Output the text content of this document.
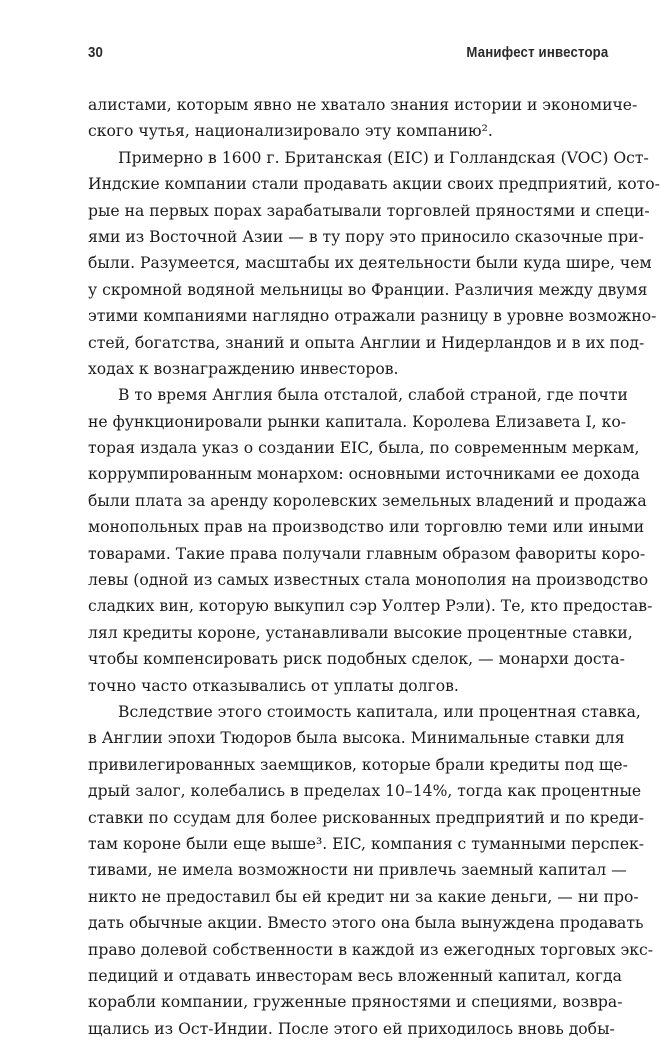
30	Манифест инвестора
алистами, которым явно не хватало знания истории и экономиче-
ского чутья, национализировало эту компанию².
Примерно в 1600 г. Британская (EIC) и Голландская (VOC) Ост-
Индские компании стали продавать акции своих предприятий, кото-
рые на первых порах зарабатывали торговлей пряностями и специ-
ями из Восточной Азии — в ту пору это приносило сказочные при-
были. Разумеется, масштабы их деятельности были куда шире, чем
у скромной водяной мельницы во Франции. Различия между двумя
этими компаниями наглядно отражали разницу в уровне возможно-
стей, богатства, знаний и опыта Англии и Нидерландов и в их под-
ходах к вознаграждению инвесторов.
В то время Англия была отсталой, слабой страной, где почти
не функционировали рынки капитала. Королева Елизавета I, ко-
торая издала указ о создании EIC, была, по современным меркам,
коррумпированным монархом: основными источниками ее дохода
были плата за аренду королевских земельных владений и продажа
монопольных прав на производство или торговлю теми или иными
товарами. Такие права получали главным образом фавориты коро-
левы (одной из самых известных стала монополия на производство
сладких вин, которую выкупил сэр Уолтер Рэли). Те, кто предостав-
лял кредиты короне, устанавливали высокие процентные ставки,
чтобы компенсировать риск подобных сделок, — монархи доста-
точно часто отказывались от уплаты долгов.
Вследствие этого стоимость капитала, или процентная ставка,
в Англии эпохи Тюдоров была высока. Минимальные ставки для
привилегированных заемщиков, которые брали кредиты под ще-
дрый залог, колебались в пределах 10–14%, тогда как процентные
ставки по ссудам для более рискованных предприятий и по креди-
там короне были еще выше³. EIC, компания с туманными перспек-
тивами, не имела возможности ни привлечь заемный капитал —
никто не предоставил бы ей кредит ни за какие деньги, — ни про-
дать обычные акции. Вместо этого она была вынуждена продавать
право долевой собственности в каждой из ежегодных торговых экс-
педиций и отдавать инвесторам весь вложенный капитал, когда
корабли компании, груженные пряностями и специями, возвра-
щались из Ост-Индии. После этого ей приходилось вновь добы-
